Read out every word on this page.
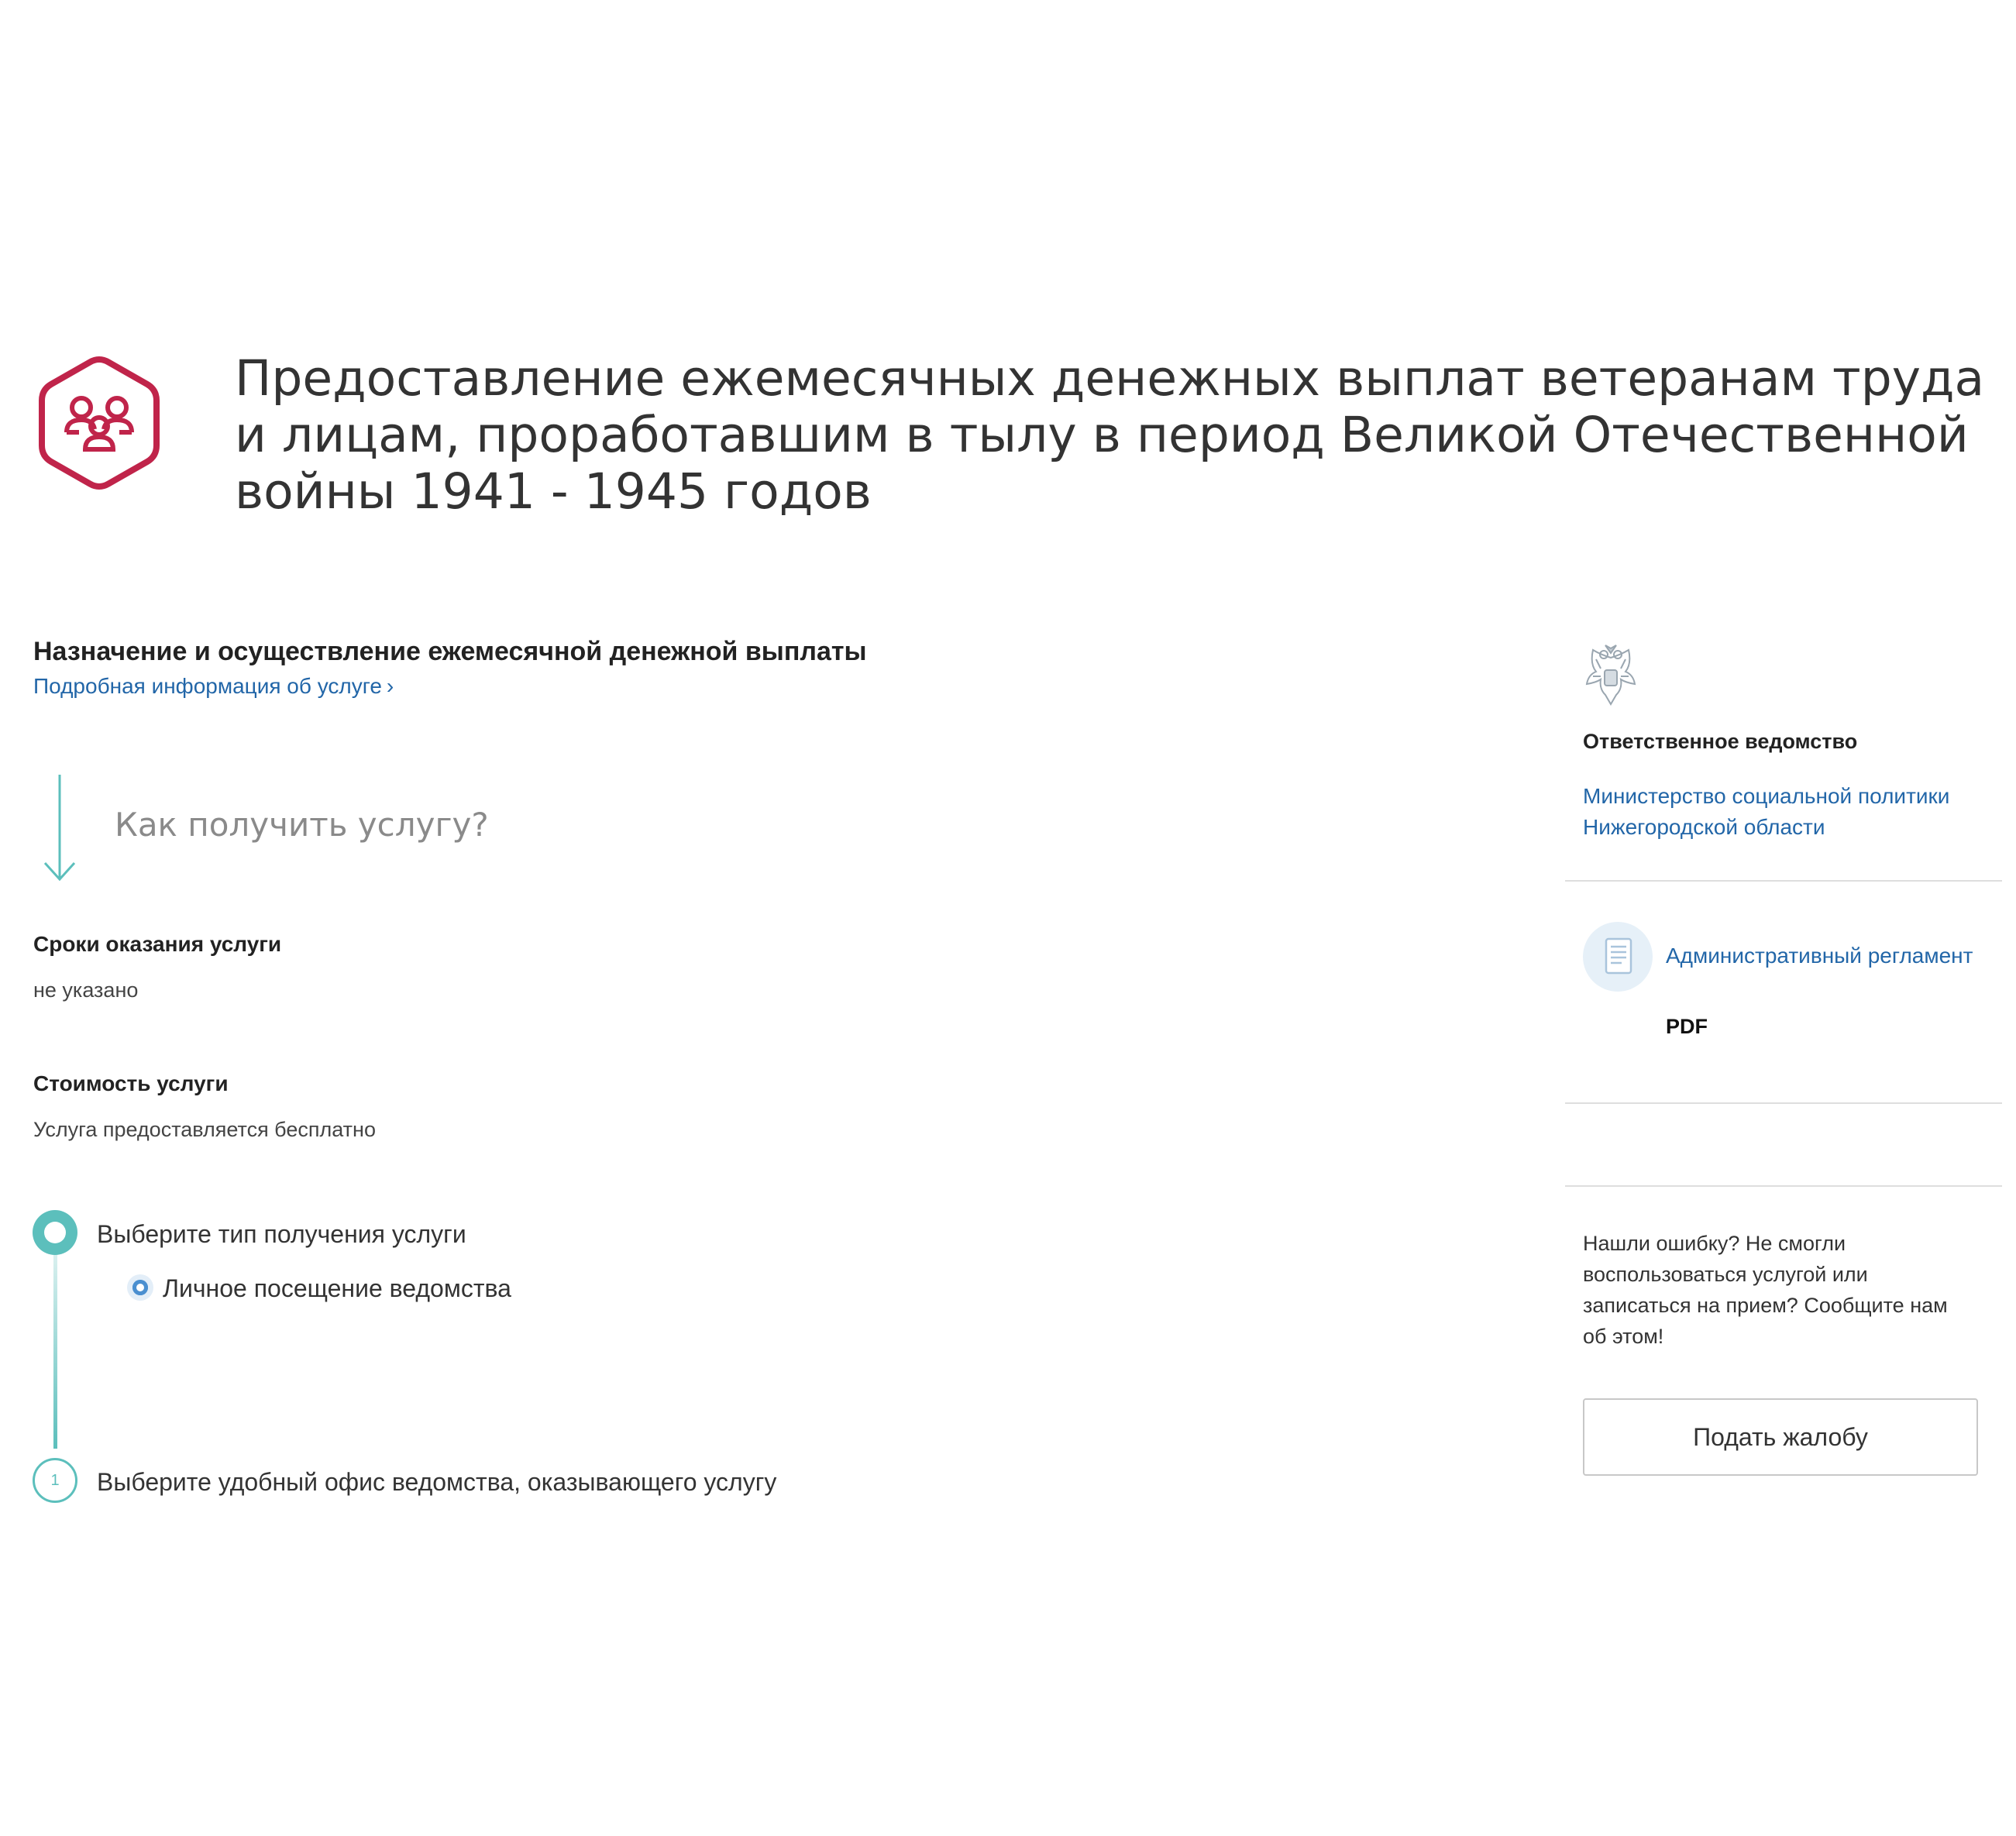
Предоставление ежемесячных денежных выплат ветеранам труда и лицам, проработавшим в тылу в период Великой Отечественной войны 1941 - 1945 годов
Назначение и осуществление ежемесячной денежной выплаты
Подробная информация об услуге ›
Как получить услугу?

Сроки оказания услуги

не указано

Стоимость услуги

Услуга предоставляется бесплатно

Выберите тип получения услуги
Личное посещение ведомства
1	Выберите удобный офис ведомства, оказывающего услугу

Ответственное ведомство

Министерство социальной политики Нижегородской области
Административный регламент
PDF
Нашли ошибку? Не смогли воспользоваться услугой или записаться на прием? Сообщите нам об этом!
Подать жалобу
